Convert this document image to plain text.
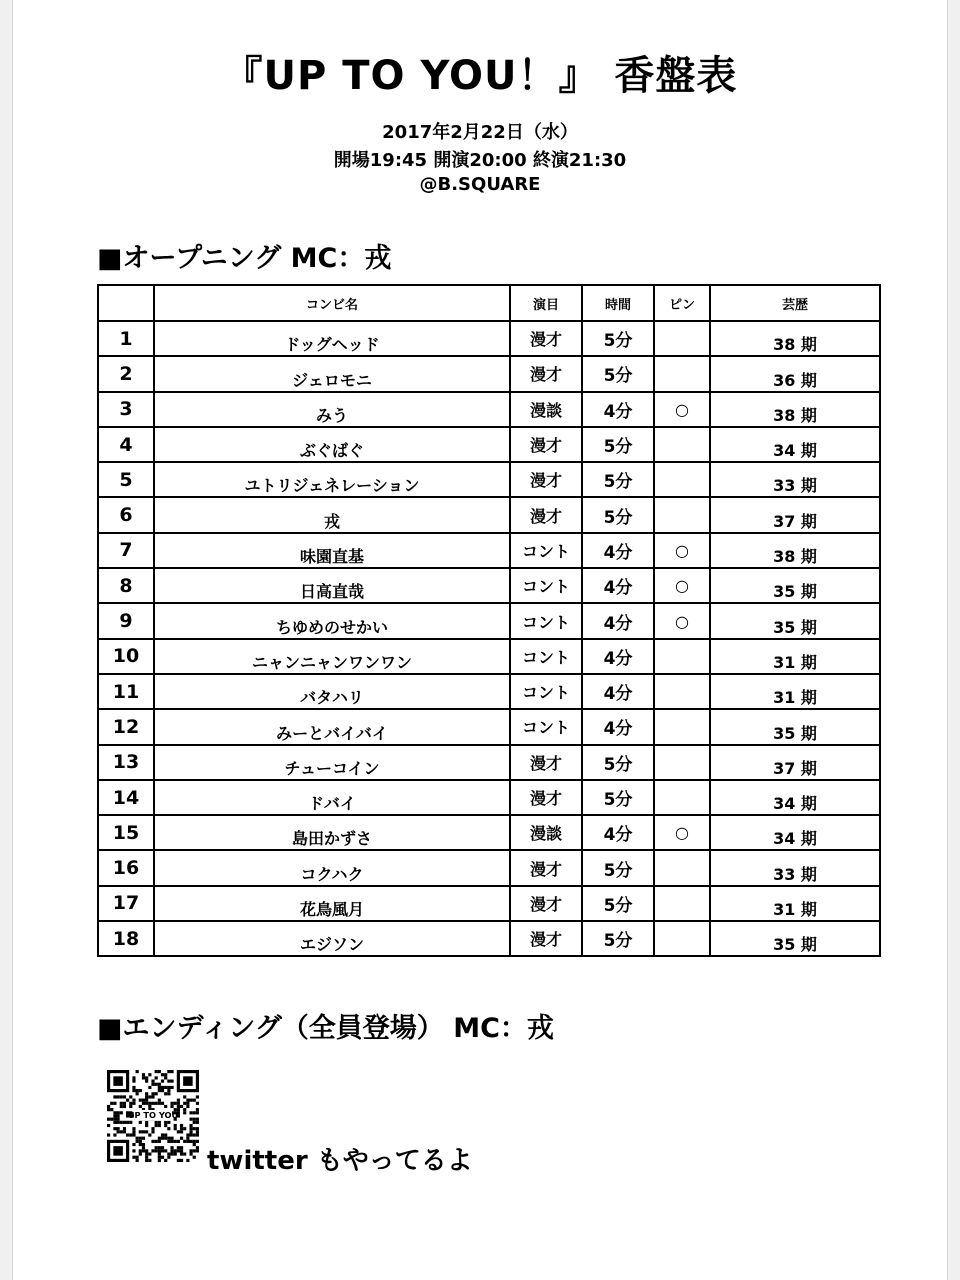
『UP TO YOU！』 香盤表
2017年2月22日（水）
開場19:45 開演20:00 終演21:30
@B.SQUARE
■オープニング MC：戎
	コンビ名	演目	時間	ピン	芸歴
1	ドッグヘッド	漫才	5分		38 期
2	ジェロモニ	漫才	5分		36 期
3	みう	漫談	4分	○	38 期
4	ぶぐばぐ	漫才	5分		34 期
5	ユトリジェネレーション	漫才	5分		33 期
6	戎	漫才	5分		37 期
7	味園直基	コント	4分	○	38 期
8	日高直哉	コント	4分	○	35 期
9	ちゆめのせかい	コント	4分	○	35 期
10	ニャンニャンワンワン	コント	4分		31 期
11	バタハリ	コント	4分		31 期
12	みーとバイバイ	コント	4分		35 期
13	チューコイン	漫才	5分		37 期
14	ドバイ	漫才	5分		34 期
15	島田かずさ	漫談	4分	○	34 期
16	コクハク	漫才	5分		33 期
17	花鳥風月	漫才	5分		31 期
18	エジソン	漫才	5分		35 期
■エンディング（全員登場） MC：戎
UP TO YOU
twitter もやってるよ
